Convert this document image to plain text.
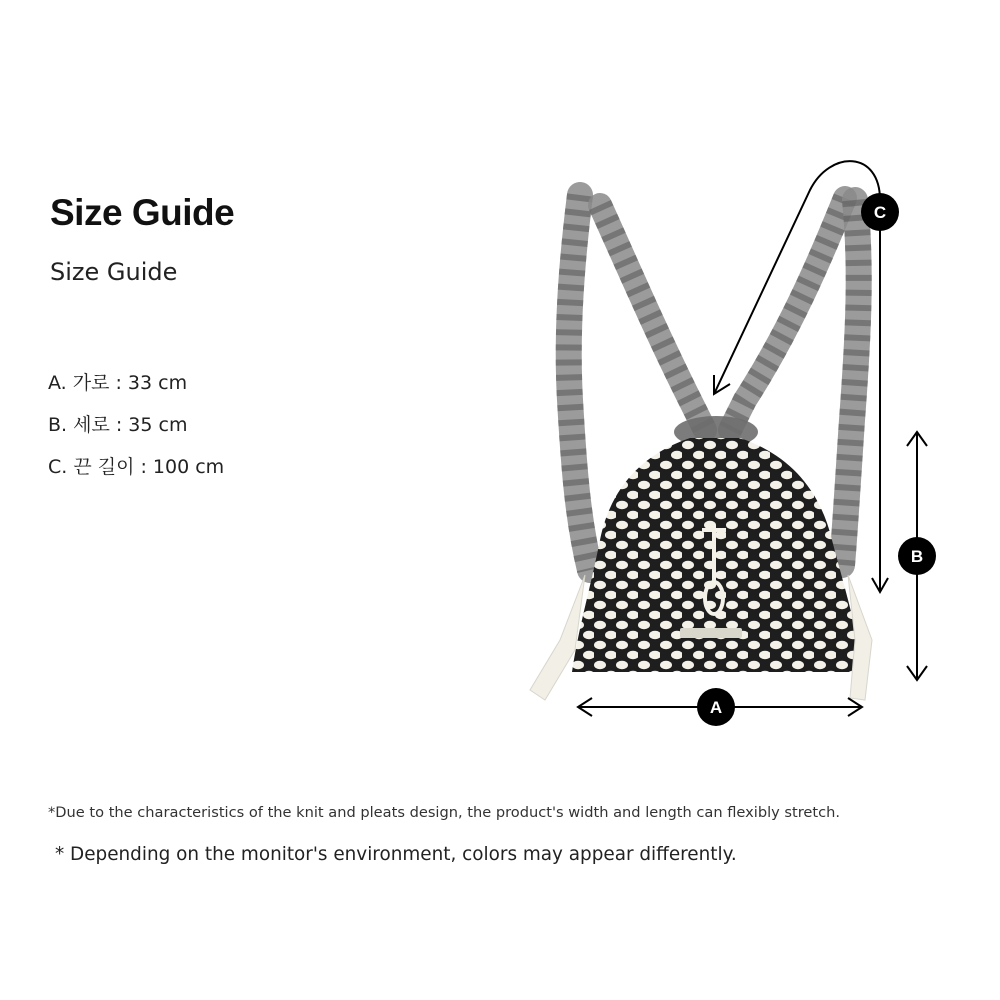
Size Guide
Size Guide
A. 가로 : 33 cm
B. 세로 : 35 cm
C. 끈 길이 : 100 cm
C
B
A
*Due to the characteristics of the knit and pleats design, the product's width and length can flexibly stretch.
* Depending on the monitor's environment, colors may appear differently.
